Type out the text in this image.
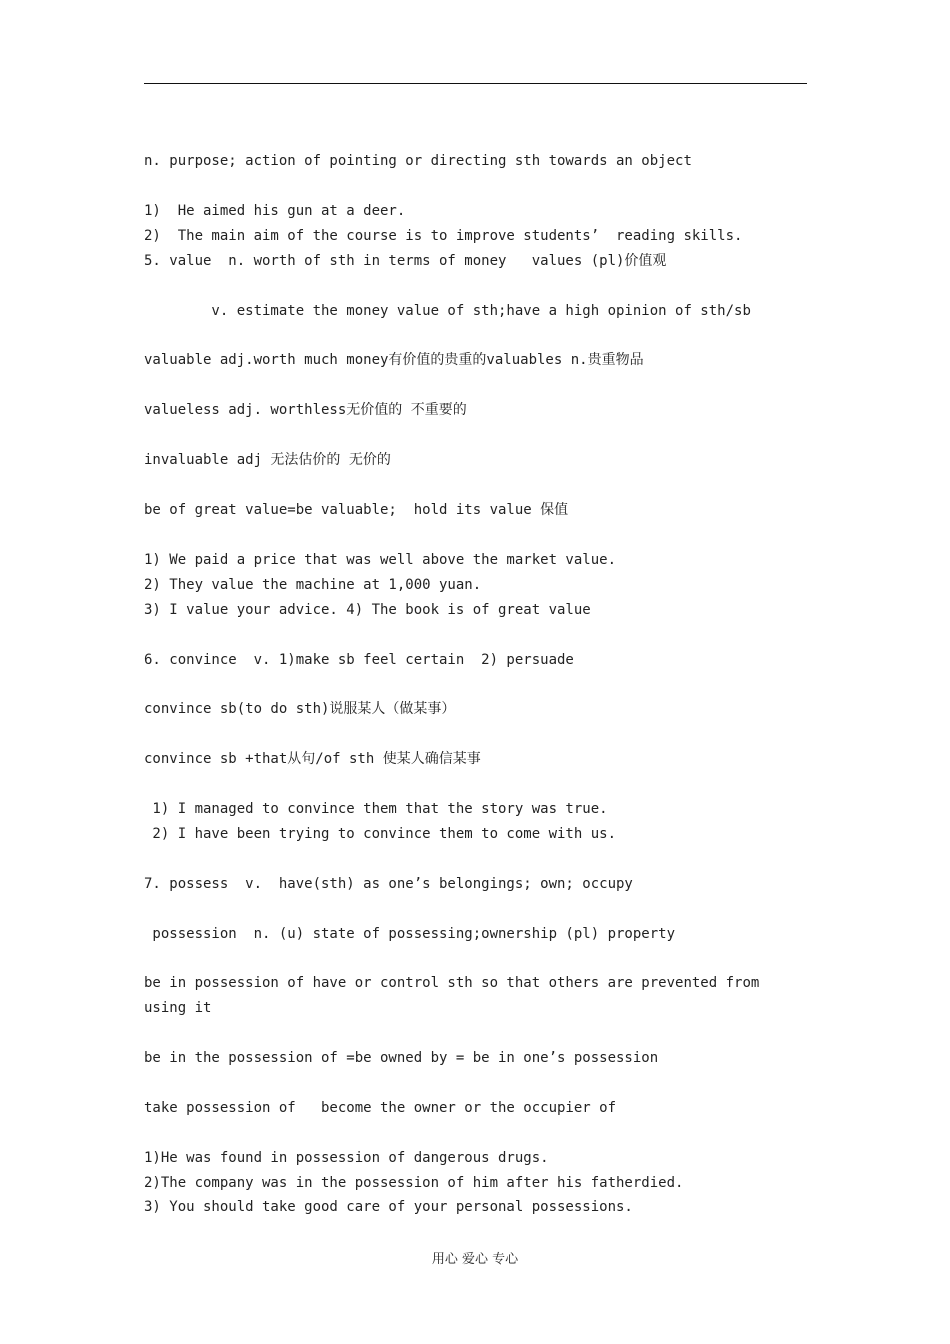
n. purpose; action of pointing or directing sth towards an object
1)  He aimed his gun at a deer.
2)  The main aim of the course is to improve students’  reading skills.
5. value  n. worth of sth in terms of money   values (pl)价值观
v. estimate the money value of sth;have a high opinion of sth/sb
valuable adj.worth much money有价值的贵重的valuables n.贵重物品
valueless adj. worthless无价值的 不重要的
invaluable adj 无法估价的 无价的
be of great value=be valuable;  hold its value 保值
1) We paid a price that was well above the market value.
2) They value the machine at 1,000 yuan.
3) I value your advice. 4) The book is of great value
6. convince  v. 1)make sb feel certain  2) persuade
convince sb(to do sth)说服某人（做某事）
convince sb +that从句/of sth 使某人确信某事
1) I managed to convince them that the story was true.
2) I have been trying to convince them to come with us.
7. possess  v.  have(sth) as one’s belongings; own; occupy
possession  n. (u) state of possessing;ownership (pl) property
be in possession of have or control sth so that others are prevented from using it
be in the possession of =be owned by = be in one’s possession
take possession of   become the owner or the occupier of
1)He was found in possession of dangerous drugs.
2)The company was in the possession of him after his fatherdied.
3) You should take good care of your personal possessions.
用心 爱心 专心
